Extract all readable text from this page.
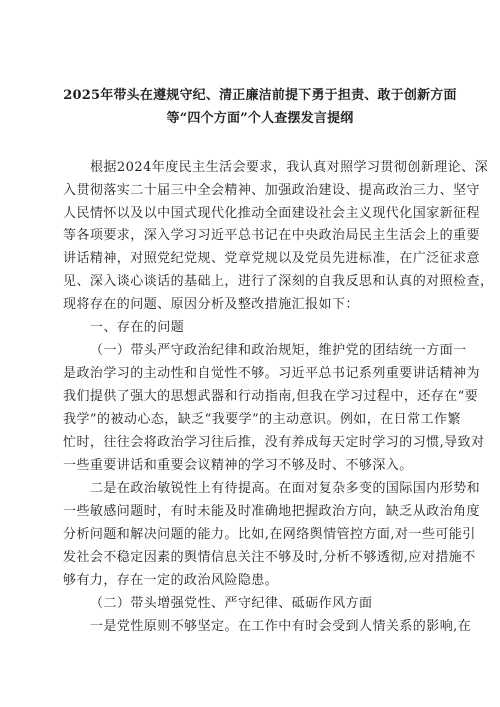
2025年带头在遵规守纪、清正廉洁前提下勇于担责、敢于创新方面
等“四个方面”个人查摆发言提纲
根据2024年度民主生活会要求，我认真对照学习贯彻创新理论、深
入贯彻落实二十届三中全会精神、加强政治建设、提高政治三力、坚守
人民情怀以及以中国式现代化推动全面建设社会主义现代化国家新征程
等各项要求，深入学习习近平总书记在中央政治局民主生活会上的重要
讲话精神，对照党纪党规、党章党规以及党员先进标准，在广泛征求意
见、深入谈心谈话的基础上，进行了深刻的自我反思和认真的对照检查，
现将存在的问题、原因分析及整改措施汇报如下：
一、存在的问题
（一）带头严守政治纪律和政治规矩，维护党的团结统一方面一
是政治学习的主动性和自觉性不够。习近平总书记系列重要讲话精神为
我们提供了强大的思想武器和行动指南,但我在学习过程中，还存在“要
我学”的被动心态，缺乏“我要学”的主动意识。例如，在日常工作繁
忙时，往往会将政治学习往后推，没有养成每天定时学习的习惯,导致对
一些重要讲话和重要会议精神的学习不够及时、不够深入。
二是在政治敏锐性上有待提高。在面对复杂多变的国际国内形势和
一些敏感问题时，有时未能及时准确地把握政治方向，缺乏从政治角度
分析问题和解决问题的能力。比如,在网络舆情管控方面,对一些可能引
发社会不稳定因素的舆情信息关注不够及时,分析不够透彻,应对措施不
够有力，存在一定的政治风险隐患。
（二）带头增强党性、严守纪律、砥砺作风方面
一是党性原则不够坚定。在工作中有时会受到人情关系的影响,在
